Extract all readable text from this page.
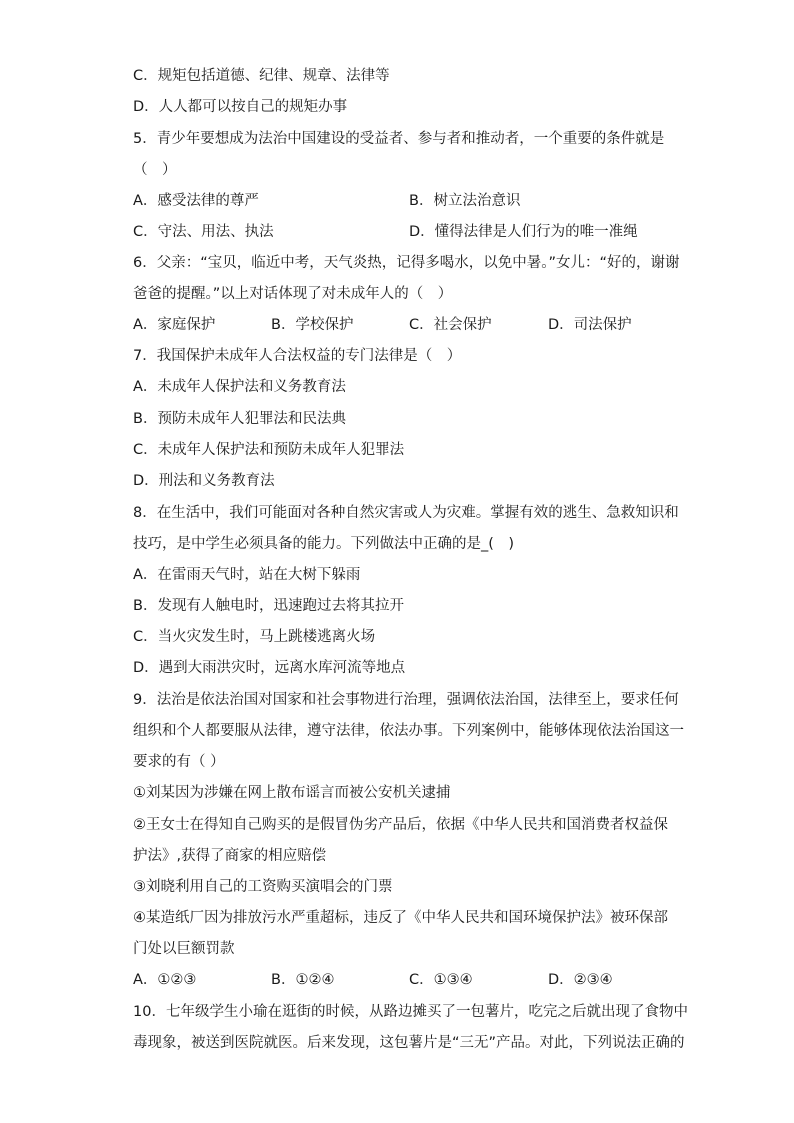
C．规矩包括道德、纪律、规章、法律等
D．人人都可以按自己的规矩办事
5．青少年要想成为法治中国建设的受益者、参与者和推动者，一个重要的条件就是
（　）
A．感受法律的尊严	B．树立法治意识
C．守法、用法、执法	D．懂得法律是人们行为的唯一准绳
6．父亲：“宝贝，临近中考，天气炎热，记得多喝水，以免中暑。”女儿：“好的，谢谢
爸爸的提醒。”以上对话体现了对未成年人的（　）
A．家庭保护	B．学校保护	C．社会保护	D．司法保护
7．我国保护未成年人合法权益的专门法律是（　）
A．未成年人保护法和义务教育法
B．预防未成年人犯罪法和民法典
C．未成年人保护法和预防未成年人犯罪法
D．刑法和义务教育法
8．在生活中，我们可能面对各种自然灾害或人为灾难。掌握有效的逃生、急救知识和
技巧，是中学生必须具备的能力。下列做法中正确的是_(　)
A．在雷雨天气时，站在大树下躲雨
B．发现有人触电时，迅速跑过去将其拉开
C．当火灾发生时，马上跳楼逃离火场
D．遇到大雨洪灾时，远离水库河流等地点
9．法治是依法治国对国家和社会事物进行治理，强调依法治国，法律至上，要求任何
组织和个人都要服从法律，遵守法律，依法办事。下列案例中，能够体现依法治国这一
要求的有（ ）
①刘某因为涉嫌在网上散布谣言而被公安机关逮捕
②王女士在得知自己购买的是假冒伪劣产品后，依据《中华人民共和国消费者权益保
护法》,获得了商家的相应赔偿
③刘晓利用自己的工资购买演唱会的门票
④某造纸厂因为排放污水严重超标，违反了《中华人民共和国环境保护法》被环保部
门处以巨额罚款
A．①②③	B．①②④	C．①③④	D．②③④
10．七年级学生小瑜在逛街的时候，从路边摊买了一包薯片，吃完之后就出现了食物中
毒现象，被送到医院就医。后来发现，这包薯片是“三无”产品。对此，下列说法正确的
